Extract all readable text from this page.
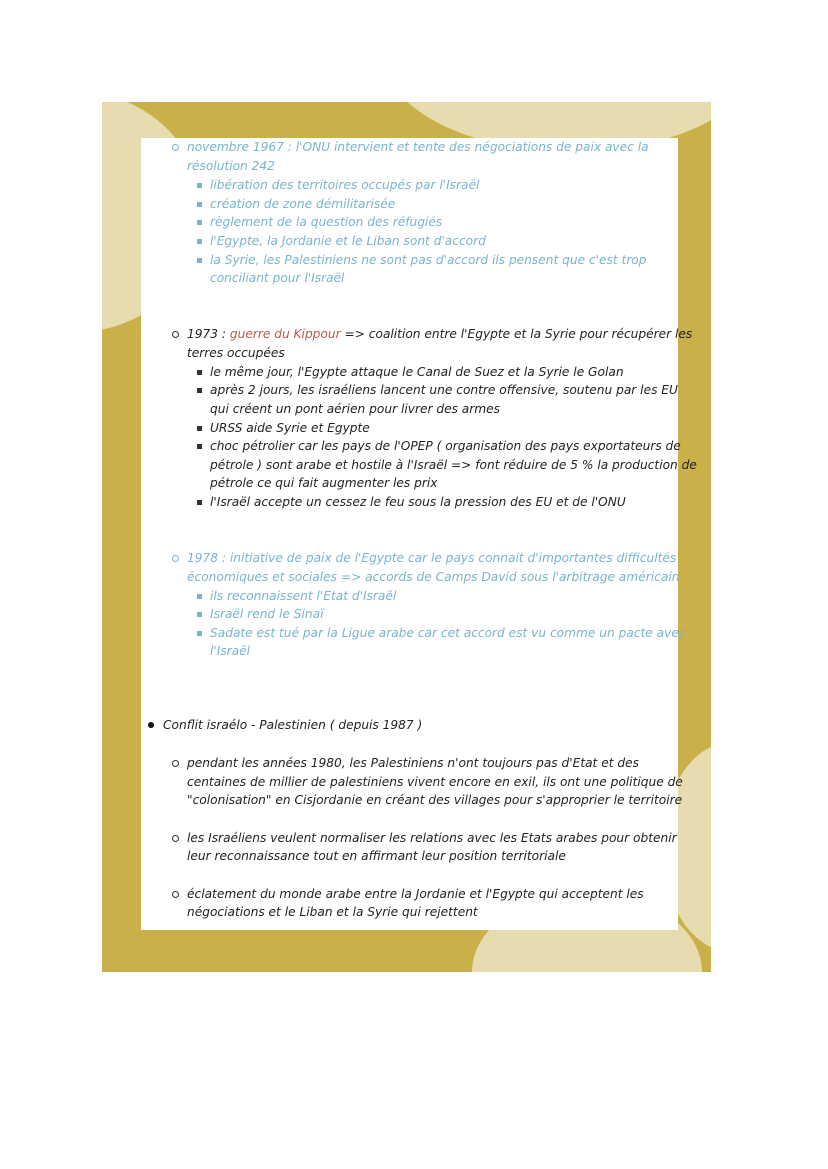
novembre 1967 : l'ONU intervient et tente des négociations de paix avec la
résolution 242
libération des territoires occupés par l'Israël
création de zone démilitarisée
règlement de la question des réfugiés
l'Egypte, la Jordanie et le Liban sont d'accord
la Syrie, les Palestiniens ne sont pas d'accord ils pensent que c'est trop
conciliant pour l'Israël
1973 : guerre du Kippour => coalition entre l'Egypte et la Syrie pour récupérer les
terres occupées
le même jour, l'Egypte attaque le Canal de Suez et la Syrie le Golan
après 2 jours, les israéliens lancent une contre offensive, soutenu par les EU
qui créent un pont aérien pour livrer des armes
URSS aide Syrie et Egypte
choc pétrolier car les pays de l'OPEP ( organisation des pays exportateurs de
pétrole ) sont arabe et hostile à l'Israël => font réduire de 5 % la production de
pétrole ce qui fait augmenter les prix
l'Israël accepte un cessez le feu sous la pression des EU et de l'ONU
1978 : initiative de paix de l'Egypte car le pays connait d'importantes difficultés
économiques et sociales => accords de Camps David sous l'arbitrage américain
ils reconnaissent l'Etat d'Israël
Israël rend le Sinaï
Sadate est tué par la Ligue arabe car cet accord est vu comme un pacte avec
l'Israël
Conflit israélo - Palestinien ( depuis 1987 )
pendant les années 1980, les Palestiniens n'ont toujours pas d'Etat et des
centaines de millier de palestiniens vivent encore en exil, ils ont une politique de
"colonisation" en Cisjordanie en créant des villages pour s'approprier le territoire
les Israéliens veulent normaliser les relations avec les Etats arabes pour obtenir
leur reconnaissance tout en affirmant leur position territoriale
éclatement du monde arabe entre la Jordanie et l'Egypte qui acceptent les
négociations et le Liban et la Syrie qui rejettent
